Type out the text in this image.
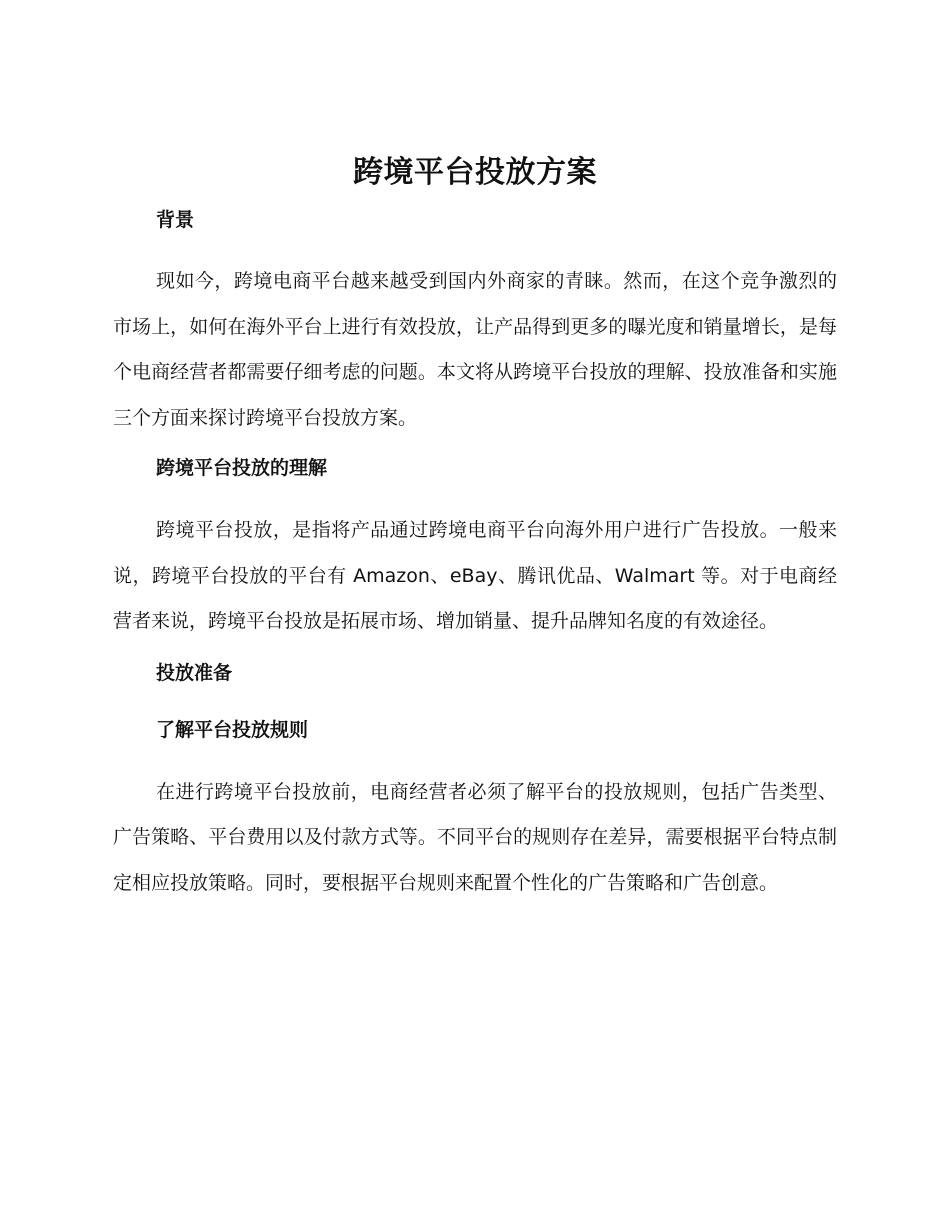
跨境平台投放方案
背景

现如今，跨境电商平台越来越受到国内外商家的青睐。然而，在这个竞争激烈的市场上，如何在海外平台上进行有效投放，让产品得到更多的曝光度和销量增长，是每个电商经营者都需要仔细考虑的问题。本文将从跨境平台投放的理解、投放准备和实施三个方面来探讨跨境平台投放方案。

跨境平台投放的理解

跨境平台投放，是指将产品通过跨境电商平台向海外用户进行广告投放。一般来说，跨境平台投放的平台有 Amazon、eBay、腾讯优品、Walmart 等。对于电商经营者来说，跨境平台投放是拓展市场、增加销量、提升品牌知名度的有效途径。

投放准备
了解平台投放规则

在进行跨境平台投放前，电商经营者必须了解平台的投放规则，包括广告类型、广告策略、平台费用以及付款方式等。不同平台的规则存在差异，需要根据平台特点制定相应投放策略。同时，要根据平台规则来配置个性化的广告策略和广告创意。
